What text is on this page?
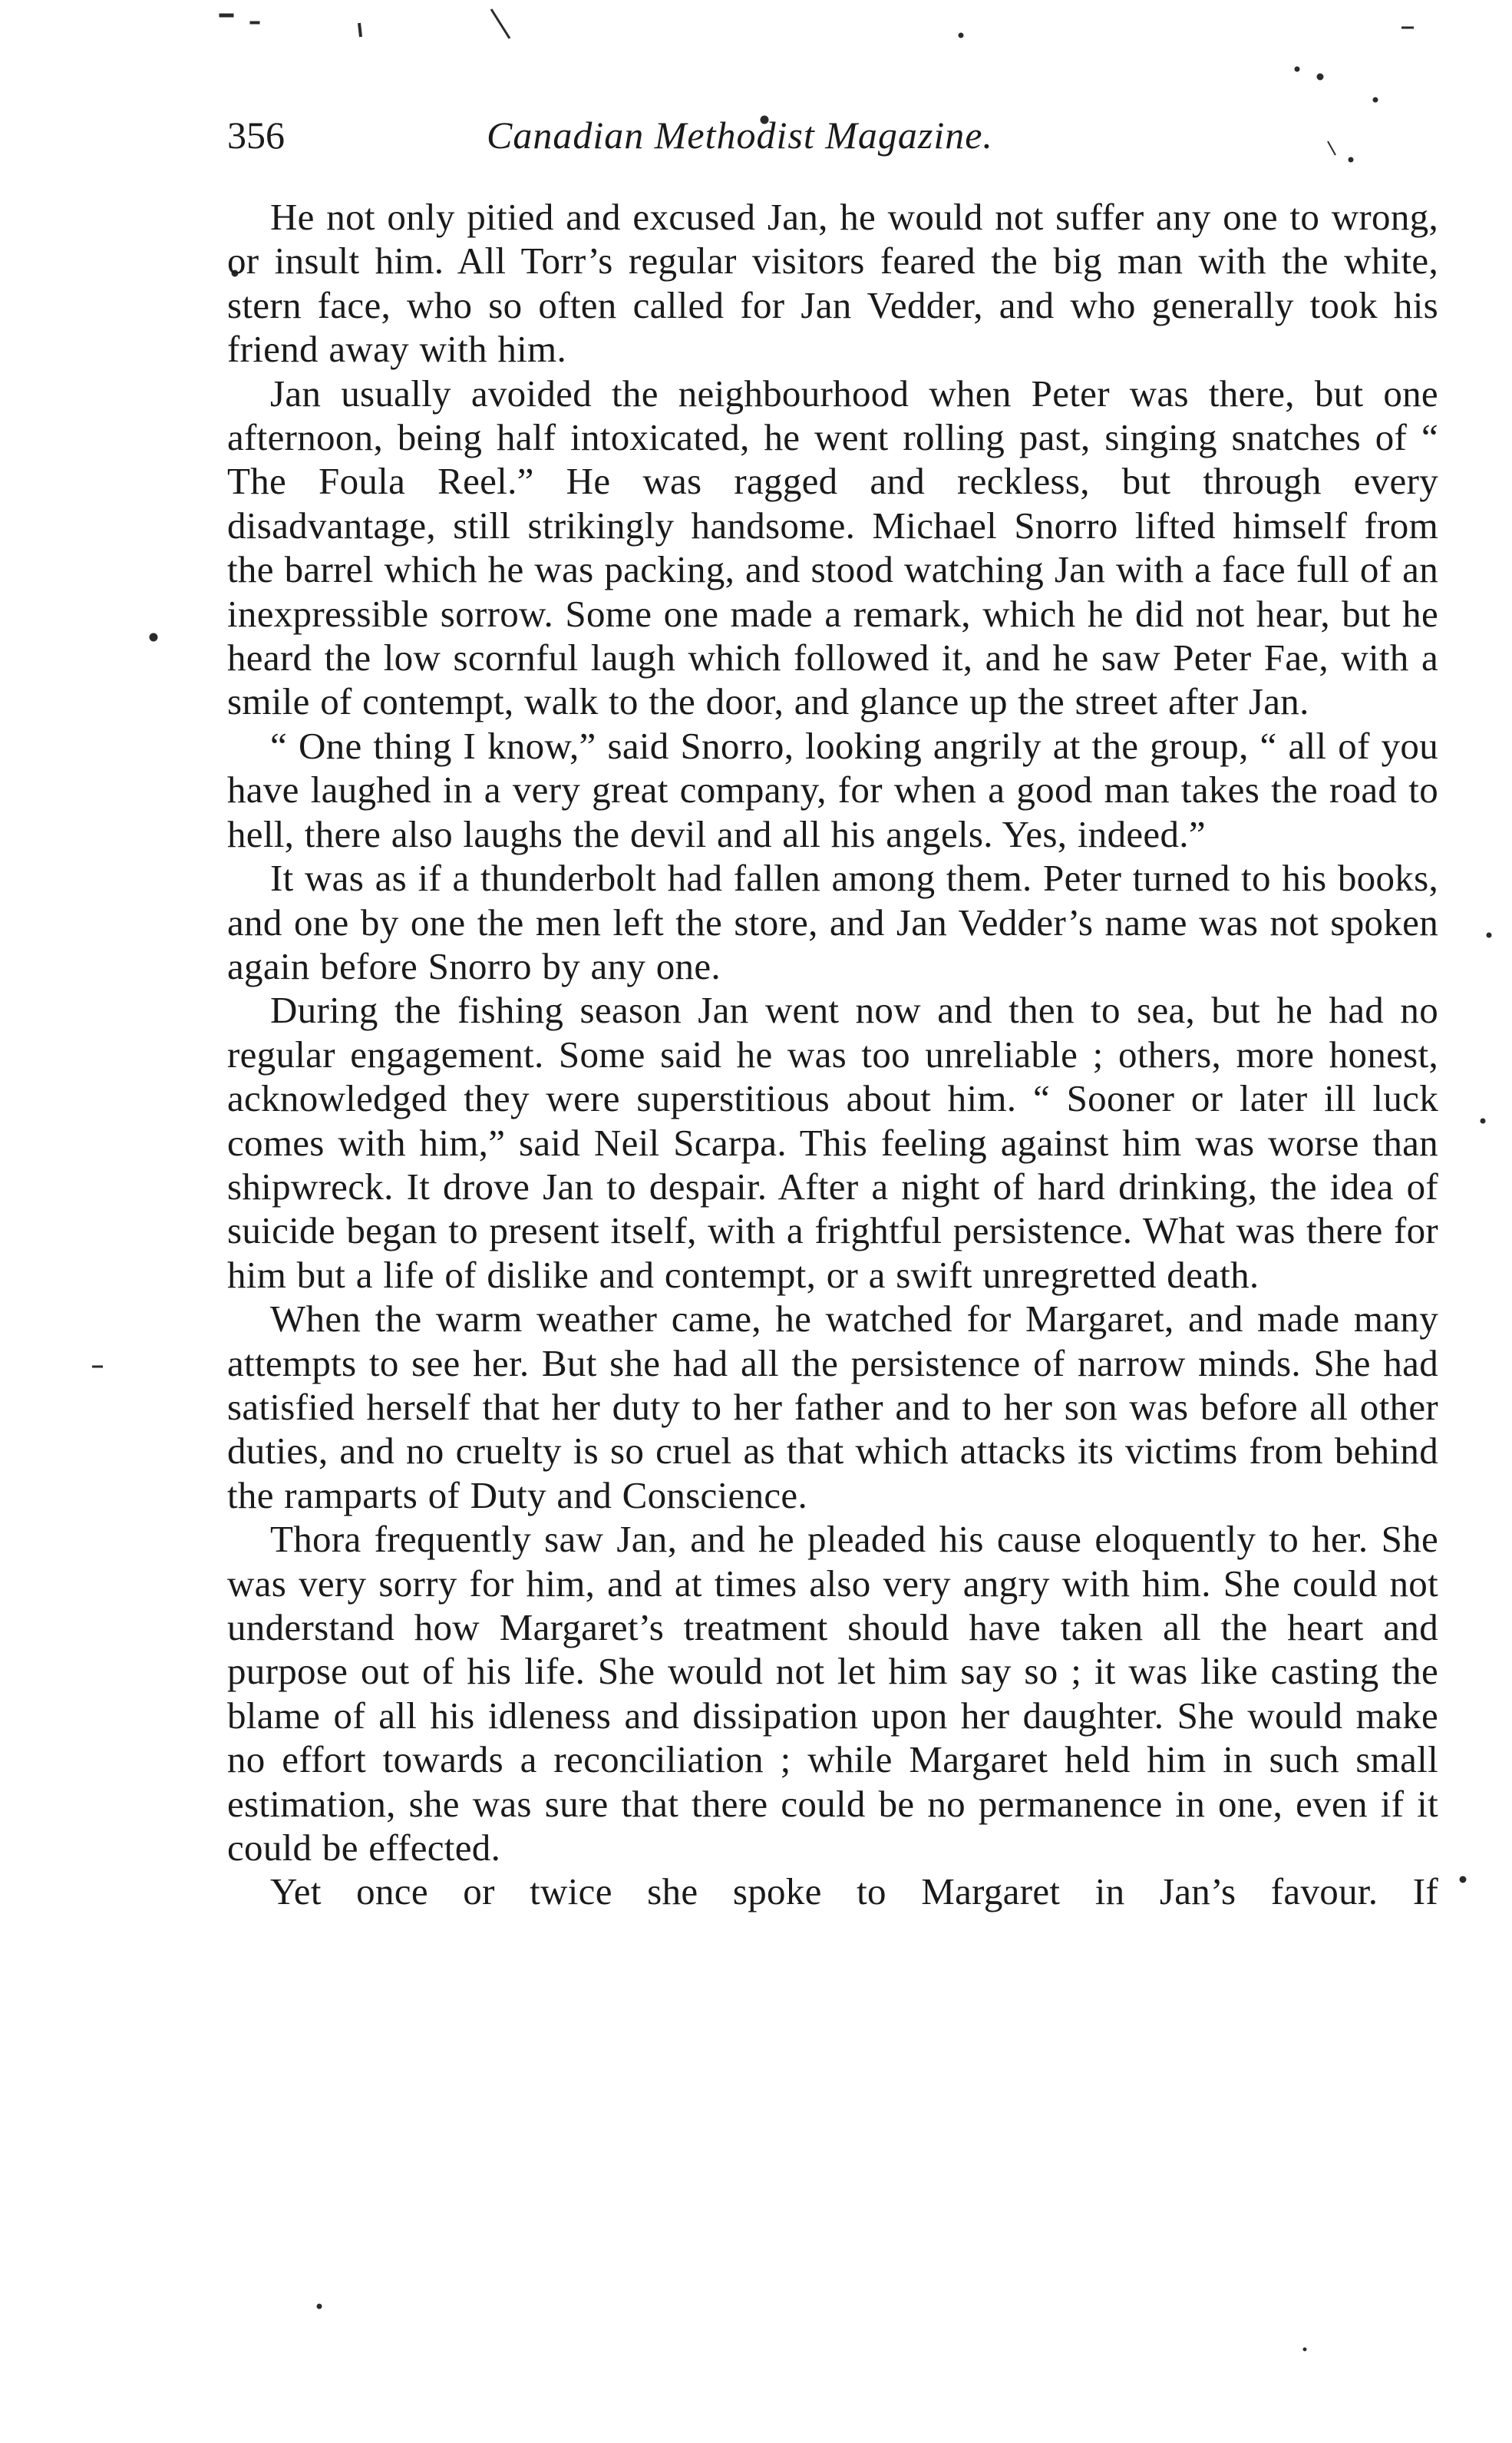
356	Canadian Methodist Magazine.

He not only pitied and excused Jan, he would not suffer any one to wrong, or insult him. All Torr’s regular visitors feared the big man with the white, stern face, who so often called for Jan Vedder, and who generally took his friend away with him.

Jan usually avoided the neighbourhood when Peter was there, but one afternoon, being half intoxicated, he went rolling past, singing snatches of “ The Foula Reel.” He was ragged and reckless, but through every disadvantage, still strikingly handsome. Michael Snorro lifted himself from the barrel which he was packing, and stood watching Jan with a face full of an inexpressible sorrow. Some one made a remark, which he did not hear, but he heard the low scornful laugh which followed it, and he saw Peter Fae, with a smile of contempt, walk to the door, and glance up the street after Jan.

“ One thing I know,” said Snorro, looking angrily at the group, “ all of you have laughed in a very great company, for when a good man takes the road to hell, there also laughs the devil and all his angels. Yes, indeed.”

It was as if a thunderbolt had fallen among them. Peter turned to his books, and one by one the men left the store, and Jan Vedder’s name was not spoken again before Snorro by any one.

During the fishing season Jan went now and then to sea, but he had no regular engagement. Some said he was too unreliable ; others, more honest, acknowledged they were superstitious about him. “ Sooner or later ill luck comes with him,” said Neil Scarpa. This feeling against him was worse than shipwreck. It drove Jan to despair. After a night of hard drinking, the idea of suicide began to present itself, with a frightful persistence. What was there for him but a life of dislike and contempt, or a swift unregretted death.

When the warm weather came, he watched for Margaret, and made many attempts to see her. But she had all the persistence of narrow minds. She had satisfied herself that her duty to her father and to her son was before all other duties, and no cruelty is so cruel as that which attacks its victims from behind the ramparts of Duty and Conscience.

Thora frequently saw Jan, and he pleaded his cause eloquently to her. She was very sorry for him, and at times also very angry with him. She could not understand how Margaret’s treatment should have taken all the heart and purpose out of his life. She would not let him say so ; it was like casting the blame of all his idleness and dissipation upon her daughter. She would make no effort towards a reconciliation ; while Margaret held him in such small estimation, she was sure that there could be no permanence in one, even if it could be effected.

Yet once or twice she spoke to Margaret in Jan’s favour. If
